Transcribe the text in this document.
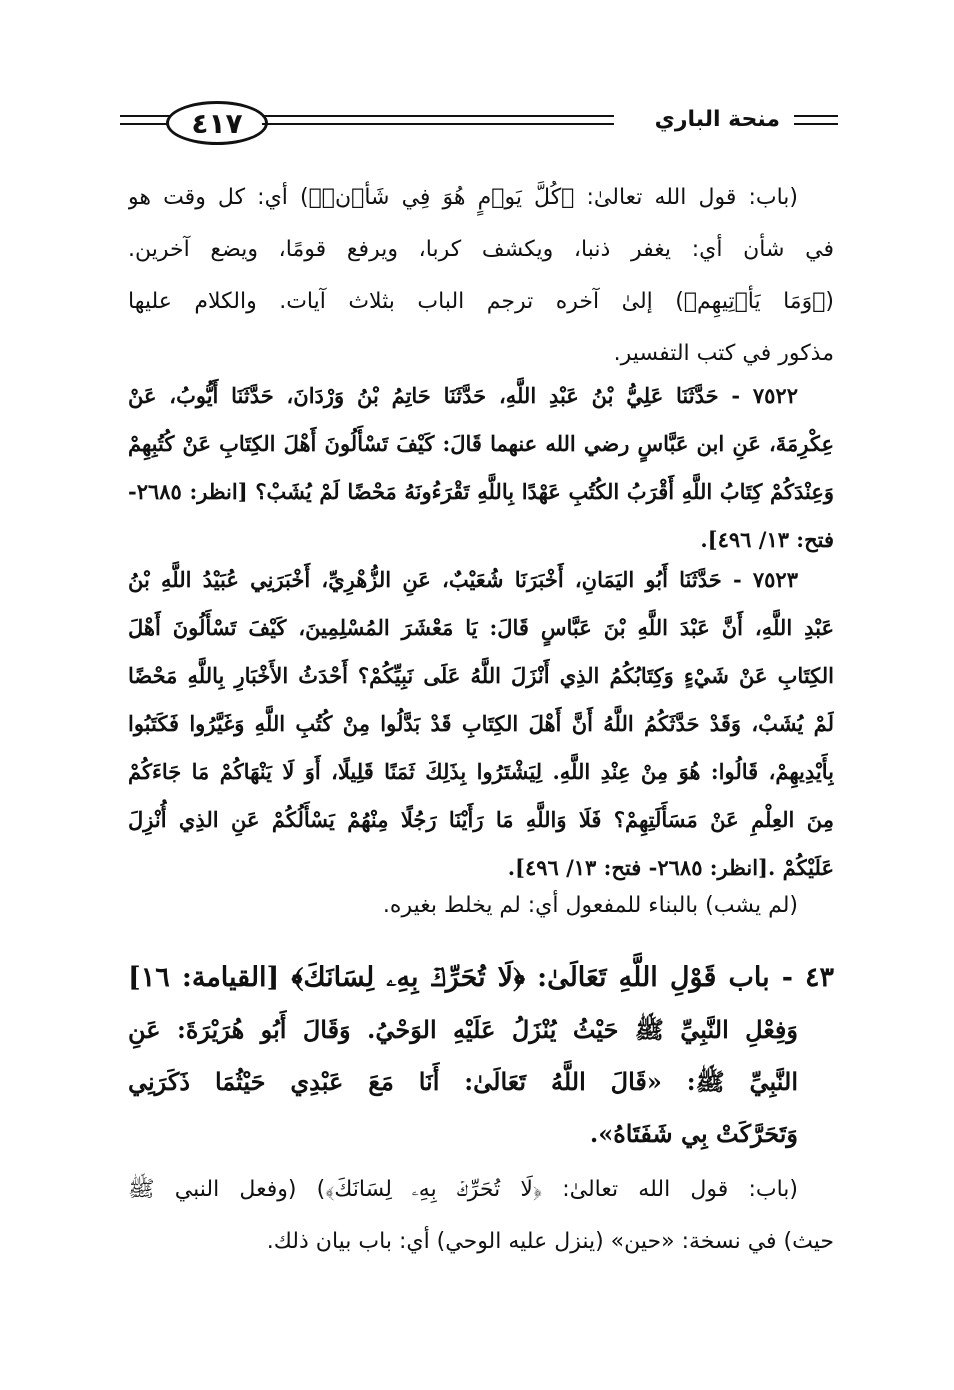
٤١٧	منحة الباري
(باب: قول الله تعالىٰ: ﴿كُلَّ يَوۡمٍ هُوَ فِي شَأۡنٖ﴾) أي: كل وقت هو
في شأن أي: يغفر ذنبا، ويكشف كربا، ويرفع قومًا، ويضع آخرين.
(﴿وَمَا يَأۡتِيهِم﴾) إلىٰ آخره ترجم الباب بثلاث آيات. والكلام عليها
مذكور في كتب التفسير.
٧٥٢٢ - حَدَّثَنَا عَلِيُّ بْنُ عَبْدِ اللَّهِ، حَدَّثَنَا حَاتِمُ بْنُ وَرْدَانَ، حَدَّثَنَا أَيُّوبُ، عَنْ
عِكْرِمَةَ، عَنِ ابن عَبَّاسٍ رضي الله عنهما قَالَ: كَيْفَ تَسْأَلُونَ أَهْلَ الكِتَابِ عَنْ كُتُبِهِمْ
وَعِنْدَكُمْ كِتَابُ اللَّهِ أَقْرَبُ الكُتُبِ عَهْدًا بِاللَّهِ تَقْرَءُونَهُ مَحْضًا لَمْ يُشَبْ؟ [انظر: ٢٦٨٥-
فتح: ١٣/ ٤٩٦].
٧٥٢٣ - حَدَّثَنَا أَبُو اليَمَانِ، أَخْبَرَنَا شُعَيْبٌ، عَنِ الزُّهْرِيِّ، أَخْبَرَنِي عُبَيْدُ اللَّهِ بْنُ
عَبْدِ اللَّهِ، أَنَّ عَبْدَ اللَّهِ بْنَ عَبَّاسٍ قَالَ: يَا مَعْشَرَ المُسْلِمِينَ، كَيْفَ تَسْأَلُونَ أَهْلَ
الكِتَابِ عَنْ شَيْءٍ وَكِتَابُكُمُ الذِي أَنْزَلَ اللَّهُ عَلَى نَبِيِّكُمْ؟ أَحْدَثُ الأَخْبَارِ بِاللَّهِ مَحْضًا
لَمْ يُشَبْ، وَقَدْ حَدَّثَكُمُ اللَّهُ أَنَّ أَهْلَ الكِتَابِ قَدْ بَدَّلُوا مِنْ كُتُبِ اللَّهِ وَغَيَّرُوا فَكَتَبُوا
بِأَيْدِيهِمْ، قَالُوا: هُوَ مِنْ عِنْدِ اللَّهِ. لِيَشْتَرُوا بِذَلِكَ ثَمَنًا قَلِيلًا، أَوَ لَا يَنْهَاكُمْ مَا جَاءَكُمْ
مِنَ العِلْمِ عَنْ مَسَأَلَتِهِمْ؟ فَلَا وَاللَّهِ مَا رَأَيْنَا رَجُلًا مِنْهُمْ يَسْأَلُكُمْ عَنِ الذِي أُنْزِلَ
عَلَيْكُمْ .[انظر: ٢٦٨٥- فتح: ١٣/ ٤٩٦].
(لم يشب) بالبناء للمفعول أي: لم يخلط بغيره.
٤٣ - باب قَوْلِ اللَّهِ تَعَالَىٰ: ﴿لَا تُحَرِّكۡ بِهِۦ لِسَانَكَ﴾ [القيامة: ١٦]
وَفِعْلِ النَّبِيِّ ﷺ حَيْثُ يُنْزَلُ عَلَيْهِ الوَحْيُ. وَقَالَ أَبُو هُرَيْرَةَ: عَنِ
النَّبِيِّ ﷺ: «قَالَ اللَّهُ تَعَالَىٰ: أَنَا مَعَ عَبْدِي حَيْثُمَا ذَكَرَنِي
وَتَحَرَّكَتْ بِي شَفَتَاهُ».
(باب: قول الله تعالىٰ: ﴿لَا تُحَرِّكۡ بِهِۦ لِسَانَكَ﴾) (وفعل النبي ﷺ
حيث) في نسخة: «حين» (ينزل عليه الوحي) أي: باب بيان ذلك.
